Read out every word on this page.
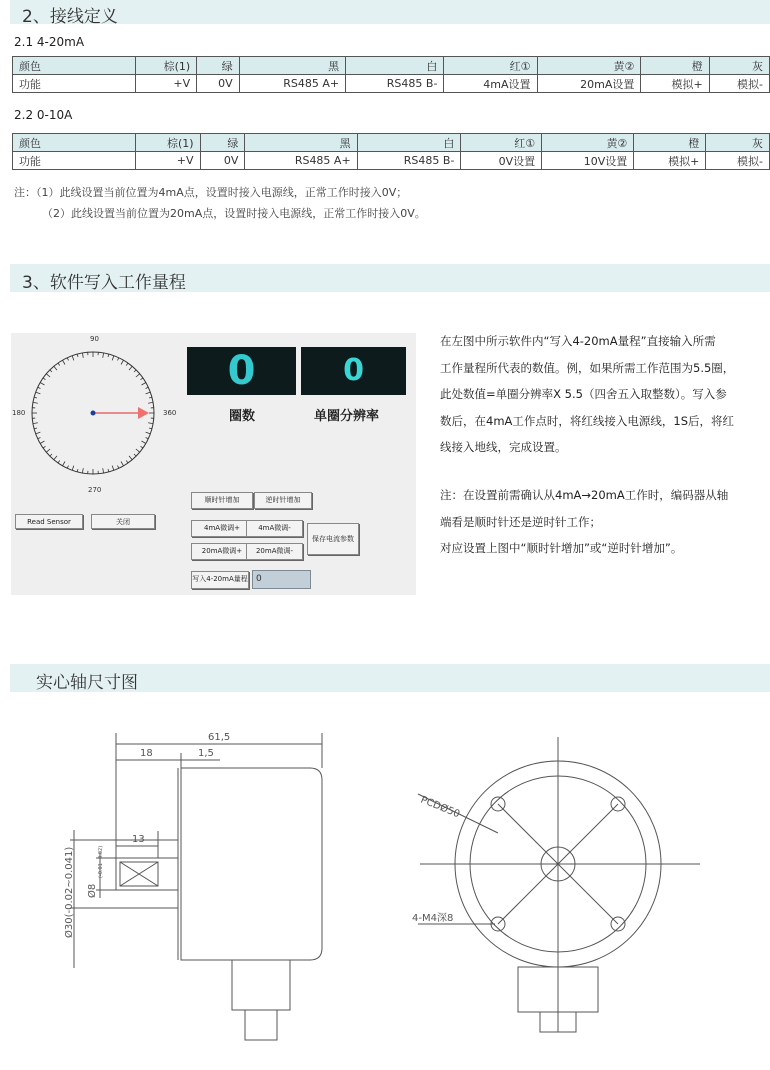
2、接线定义
2.1 4-20mA
颜色	棕(1)	绿	黑	白	红①	黄②	橙	灰
功能	+V	0V	RS485 A+	RS485 B-	4mA设置	20mA设置	模拟+	模拟-
2.2 0-10A
颜色	棕(1)	绿	黑	白	红①	黄②	橙	灰
功能	+V	0V	RS485 A+	RS485 B-	0V设置	10V设置	模拟+	模拟-
注：（1）此线设置当前位置为4mA点，设置时接入电源线，正常工作时接入0V；
（2）此线设置当前位置为20mA点，设置时接入电源线，正常工作时接入0V。
3、软件写入工作量程
90
180	360
270
0	0
圈数	单圈分辨率
Read Sensor	关闭
顺时针增加	逆时针增加
4mA微调+	4mA微调-
20mA微调+	20mA微调-
保存电流参数
写入4-20mA量程 0
在左图中所示软件内“写入4-20mA量程”直接输入所需
工作量程所代表的数值。例，如果所需工作范围为5.5圈，
此处数值=单圈分辨率X 5.5（四舍五入取整数）。写入参
数后，在4mA工作点时，将红线接入电源线，1S后，将红
线接入地线，完成设置。
注：在设置前需确认从4mA→20mA工作时，编码器从轴
端看是顺时针还是逆时针工作；
对应设置上图中“顺时针增加”或“逆时针增加”。
实心轴尺寸图
61,5
18	1,5
13
Ø30(-0.02~0.041) Ø8
(-0.01~0.02)
PCDØ50
4-M4深8
